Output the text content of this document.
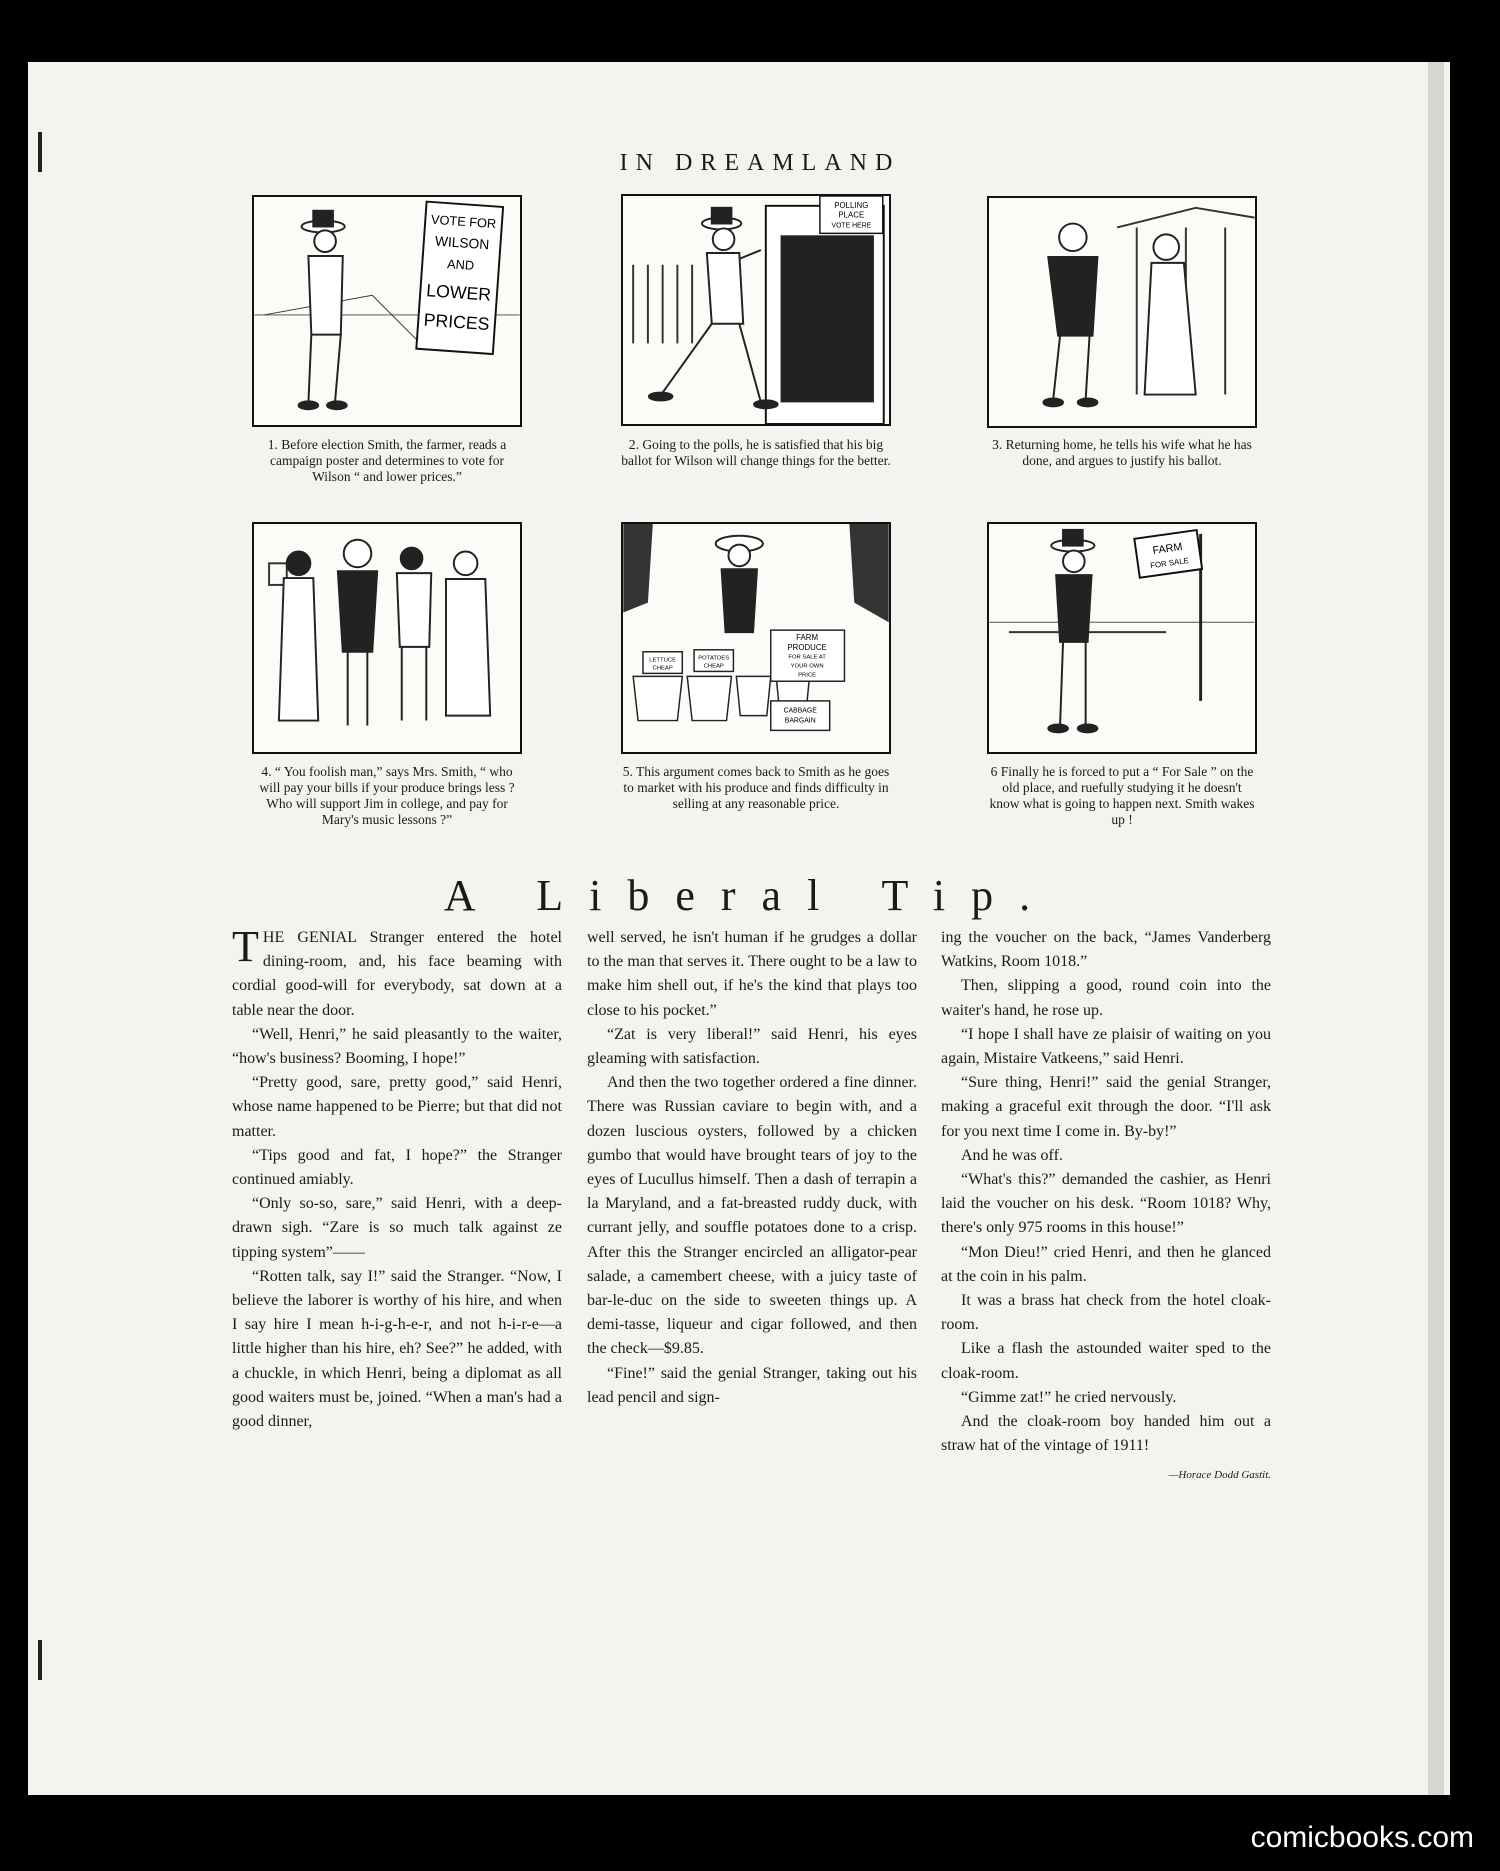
IN DREAMLAND
VOTE FOR
WILSON
AND
LOWER
PRICES
1. Before election Smith, the farmer, reads a campaign poster and determines to vote for Wilson “ and lower prices.”
POLLING
PLACE
VOTE HERE
2. Going to the polls, he is satisfied that his big ballot for Wilson will change things for the better.
3. Returning home, he tells his wife what he has done, and argues to justify his ballot.
4. “ You foolish man,” says Mrs. Smith, “ who will pay your bills if your produce brings less ? Who will support Jim in college, and pay for Mary's music lessons ?”
LETTUCE
CHEAP
POTATOES
CHEAP
FARM
PRODUCE
FOR SALE AT
YOUR OWN
PRICE
CABBAGE
BARGAIN
5. This argument comes back to Smith as he goes to market with his produce and finds difficulty in selling at any reasonable price.
FARM
FOR SALE
6 Finally he is forced to put a “ For Sale ” on the old place, and ruefully studying it he doesn't know what is going to happen next. Smith wakes up !
A Liberal Tip.

THE GENIAL Stranger entered the hotel dining-room, and, his face beaming with cordial good-will for everybody, sat down at a table near the door.

“Well, Henri,” he said pleasantly to the waiter, “how's business? Booming, I hope!”

“Pretty good, sare, pretty good,” said Henri, whose name happened to be Pierre; but that did not matter.

“Tips good and fat, I hope?” the Stranger continued amiably.

“Only so-so, sare,” said Henri, with a deep-drawn sigh. “Zare is so much talk against ze tipping system”——

“Rotten talk, say I!” said the Stranger. “Now, I believe the laborer is worthy of his hire, and when I say hire I mean h-i-g-h-e-r, and not h-i-r-e—a little higher than his hire, eh? See?” he added, with a chuckle, in which Henri, being a diplomat as all good waiters must be, joined. “When a man's had a good dinner,

well served, he isn't human if he grudges a dollar to the man that serves it. There ought to be a law to make him shell out, if he's the kind that plays too close to his pocket.”

“Zat is very liberal!” said Henri, his eyes gleaming with satisfaction.

And then the two together ordered a fine dinner. There was Russian caviare to begin with, and a dozen luscious oysters, followed by a chicken gumbo that would have brought tears of joy to the eyes of Lucullus himself. Then a dash of terrapin a la Maryland, and a fat-breasted ruddy duck, with currant jelly, and souffle potatoes done to a crisp. After this the Stranger encircled an alligator-pear salade, a camembert cheese, with a juicy taste of bar-le-duc on the side to sweeten things up. A demi-tasse, liqueur and cigar followed, and then the check—$9.85.

“Fine!” said the genial Stranger, taking out his lead pencil and sign-

ing the voucher on the back, “James Vanderberg Watkins, Room 1018.”

Then, slipping a good, round coin into the waiter's hand, he rose up.

“I hope I shall have ze plaisir of waiting on you again, Mistaire Vatkeens,” said Henri.

“Sure thing, Henri!” said the genial Stranger, making a graceful exit through the door. “I'll ask for you next time I come in. By-by!”

And he was off.

“What's this?” demanded the cashier, as Henri laid the voucher on his desk. “Room 1018? Why, there's only 975 rooms in this house!”

“Mon Dieu!” cried Henri, and then he glanced at the coin in his palm.

It was a brass hat check from the hotel cloak-room.

Like a flash the astounded waiter sped to the cloak-room.

“Gimme zat!” he cried nervously.

And the cloak-room boy handed him out a straw hat of the vintage of 1911!
—Horace Dodd Gastit.

comicbooks.com
